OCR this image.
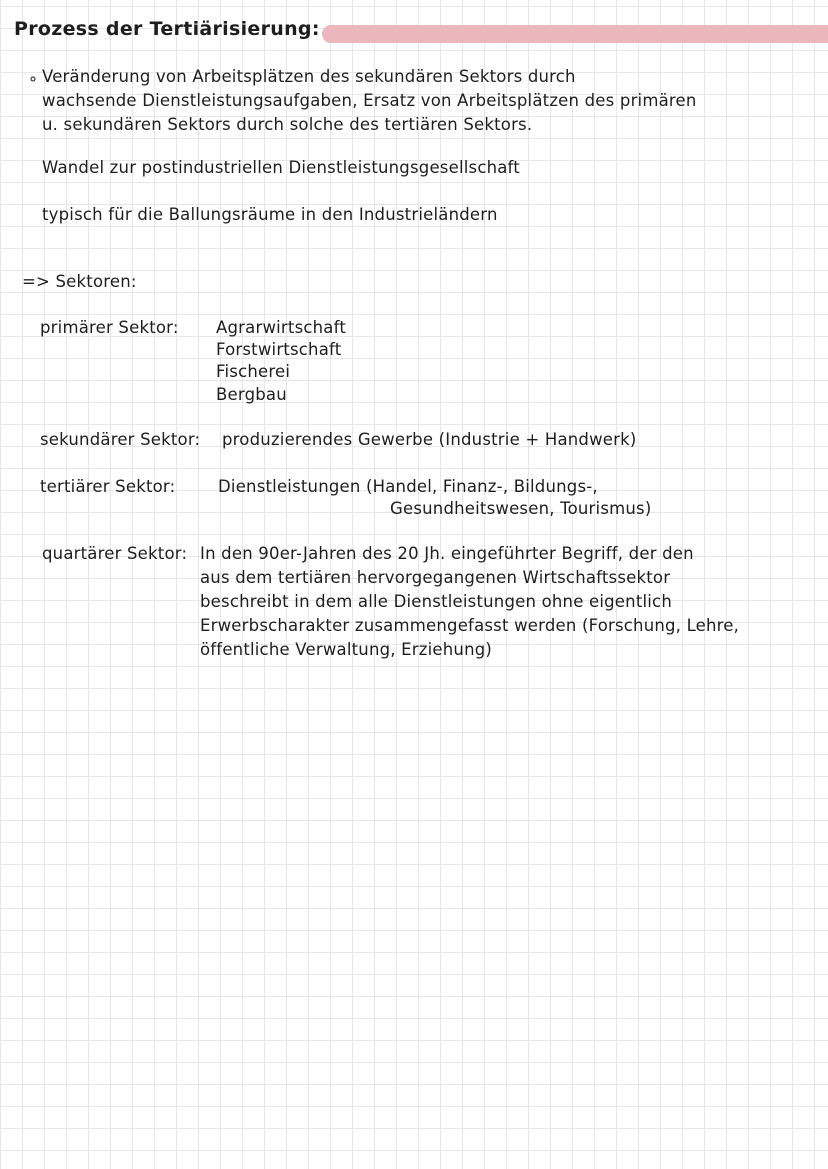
Prozess der Tertiärisierung:
∘ Veränderung von Arbeitsplätzen des sekundären Sektors durch
wachsende Dienstleistungsaufgaben, Ersatz von Arbeitsplätzen des primären
u. sekundären Sektors durch solche des tertiären Sektors.
Wandel zur postindustriellen Dienstleistungsgesellschaft
typisch für die Ballungsräume in den Industrieländern
=> Sektoren:
primärer Sektor: Agrarwirtschaft
Forstwirtschaft
Fischerei
Bergbau
sekundärer Sektor: produzierendes Gewerbe (Industrie + Handwerk)
tertiärer Sektor:	Dienstleistungen (Handel, Finanz-, Bildungs-,
Gesundheitswesen, Tourismus)
quartärer Sektor: In den 90er-Jahren des 20 Jh. eingeführter Begriff, der den
aus dem tertiären hervorgegangenen Wirtschaftssektor
beschreibt in dem alle Dienstleistungen ohne eigentlich
Erwerbscharakter zusammengefasst werden (Forschung, Lehre,
öffentliche Verwaltung, Erziehung)
